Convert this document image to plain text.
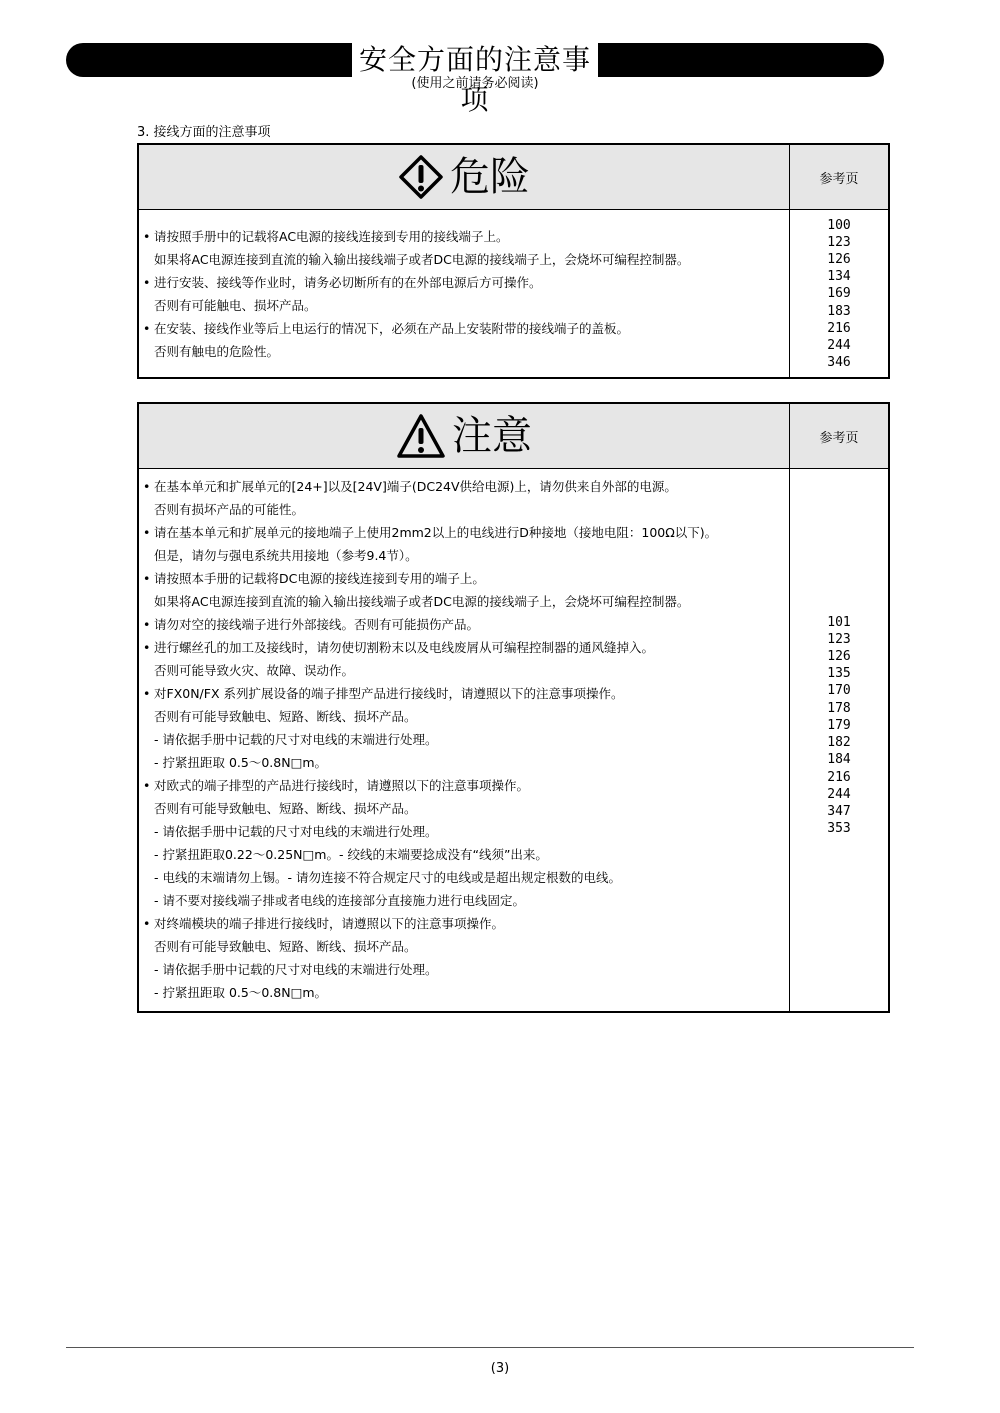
安全方面的注意事项
(使用之前请务必阅读)
3. 接线方面的注意事项
危险	参考页
• 请按照手册中的记载将AC电源的接线连接到专用的接线端子上。
如果将AC电源连接到直流的输入输出接线端子或者DC电源的接线端子上，会烧坏可编程控制器。
• 进行安装、接线等作业时，请务必切断所有的在外部电源后方可操作。
否则有可能触电、损坏产品。
• 在安装、接线作业等后上电运行的情况下，必须在产品上安装附带的接线端子的盖板。
否则有触电的危险性。
100
123
126
134
169
183
216
244
346
注意	参考页
• 在基本单元和扩展单元的[24+]以及[24V]端子(DC24V供给电源)上，请勿供来自外部的电源。
否则有损坏产品的可能性。
• 请在基本单元和扩展单元的接地端子上使用2mm2以上的电线进行D种接地（接地电阻：100Ω以下)。
但是，请勿与强电系统共用接地（参考9.4节）。
• 请按照本手册的记载将DC电源的接线连接到专用的端子上。
如果将AC电源连接到直流的输入输出接线端子或者DC电源的接线端子上，会烧坏可编程控制器。
• 请勿对空的接线端子进行外部接线。否则有可能损伤产品。
• 进行螺丝孔的加工及接线时，请勿使切割粉末以及电线废屑从可编程控制器的通风缝掉入。
否则可能导致火灾、故障、误动作。
• 对FX0N/FX 系列扩展设备的端子排型产品进行接线时，请遵照以下的注意事项操作。
否则有可能导致触电、短路、断线、损坏产品。
- 请依据手册中记载的尺寸对电线的末端进行处理。
- 拧紧扭距取 0.5～0.8N□m。
• 对欧式的端子排型的产品进行接线时，请遵照以下的注意事项操作。
否则有可能导致触电、短路、断线、损坏产品。
- 请依据手册中记载的尺寸对电线的末端进行处理。
- 拧紧扭距取0.22～0.25N□m。- 绞线的末端要捻成没有“线须”出来。
- 电线的末端请勿上锡。- 请勿连接不符合规定尺寸的电线或是超出规定根数的电线。
- 请不要对接线端子排或者电线的连接部分直接施力进行电线固定。
• 对终端模块的端子排进行接线时，请遵照以下的注意事项操作。
否则有可能导致触电、短路、断线、损坏产品。
- 请依据手册中记载的尺寸对电线的末端进行处理。
- 拧紧扭距取 0.5～0.8N□m。
101
123
126
135
170
178
179
182
184
216
244
347
353
(3)
